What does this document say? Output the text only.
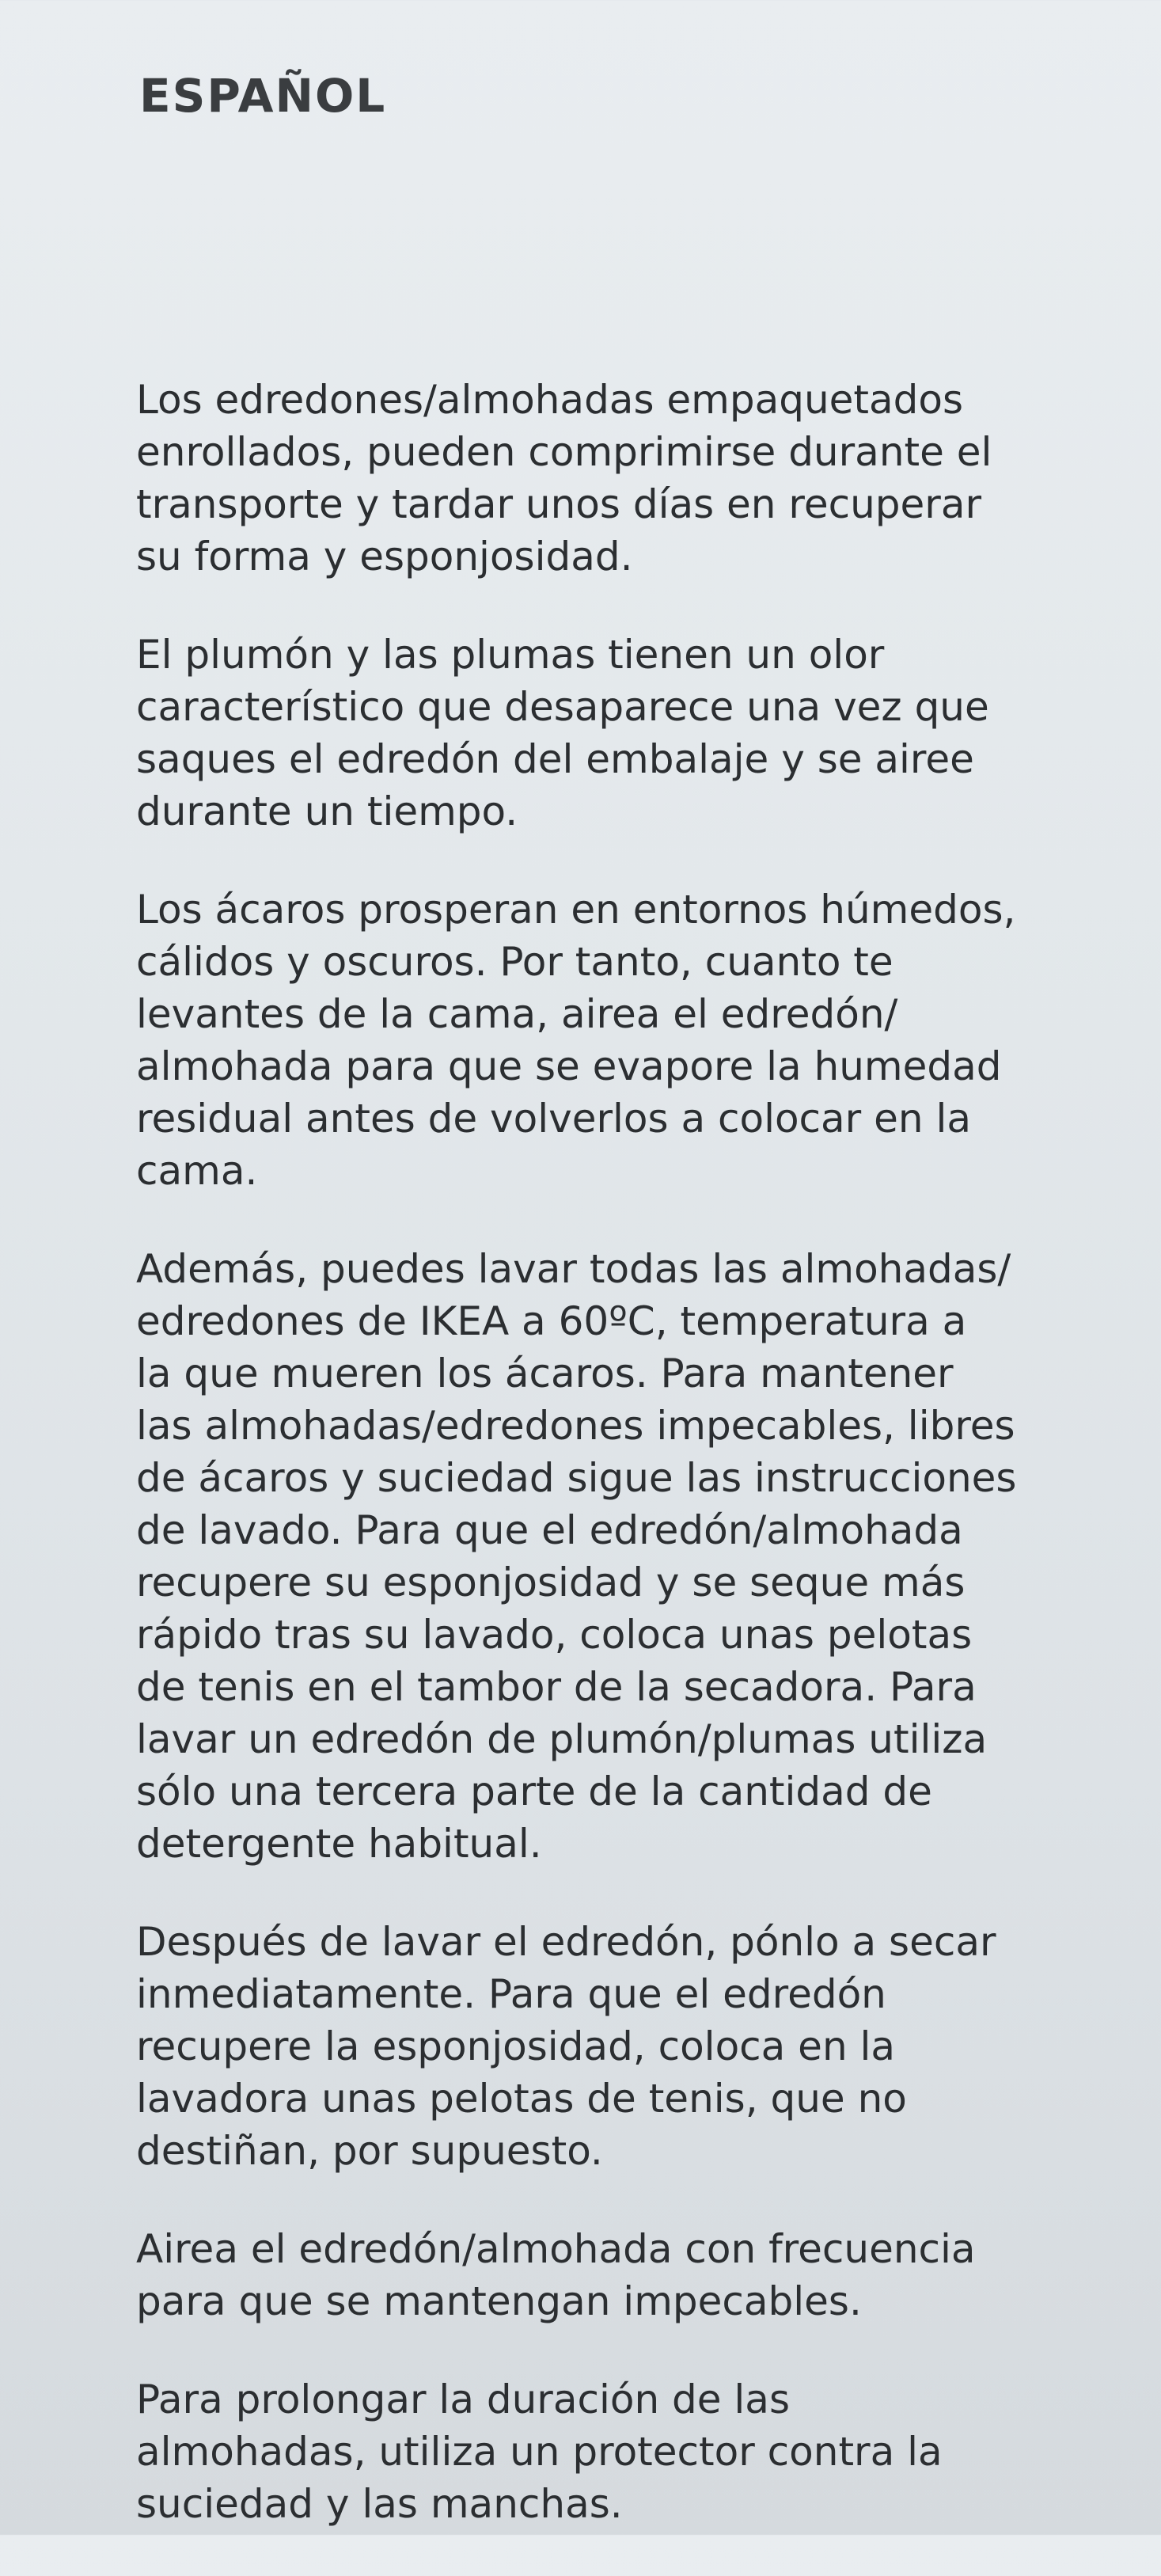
ESPAÑOL

Los edredones/almohadas empaquetados
enrollados, pueden comprimirse durante el
transporte y tardar unos días en recuperar
su forma y esponjosidad.

El plumón y las plumas tienen un olor
característico que desaparece una vez que
saques el edredón del embalaje y se airee
durante un tiempo.

Los ácaros prosperan en entornos húmedos,
cálidos y oscuros. Por tanto, cuanto te
levantes de la cama, airea el edredón/
almohada para que se evapore la humedad
residual antes de volverlos a colocar en la
cama.

Además, puedes lavar todas las almohadas/
edredones de IKEA a 60ºC, temperatura a
la que mueren los ácaros. Para mantener
las almohadas/edredones impecables, libres
de ácaros y suciedad sigue las instrucciones
de lavado. Para que el edredón/almohada
recupere su esponjosidad y se seque más
rápido tras su lavado, coloca unas pelotas
de tenis en el tambor de la secadora. Para
lavar un edredón de plumón/plumas utiliza
sólo una tercera parte de la cantidad de
detergente habitual.

Después de lavar el edredón, pónlo a secar
inmediatamente. Para que el edredón
recupere la esponjosidad, coloca en la
lavadora unas pelotas de tenis, que no
destiñan, por supuesto.

Airea el edredón/almohada con frecuencia
para que se mantengan impecables.

Para prolongar la duración de las
almohadas, utiliza un protector contra la
suciedad y las manchas.
